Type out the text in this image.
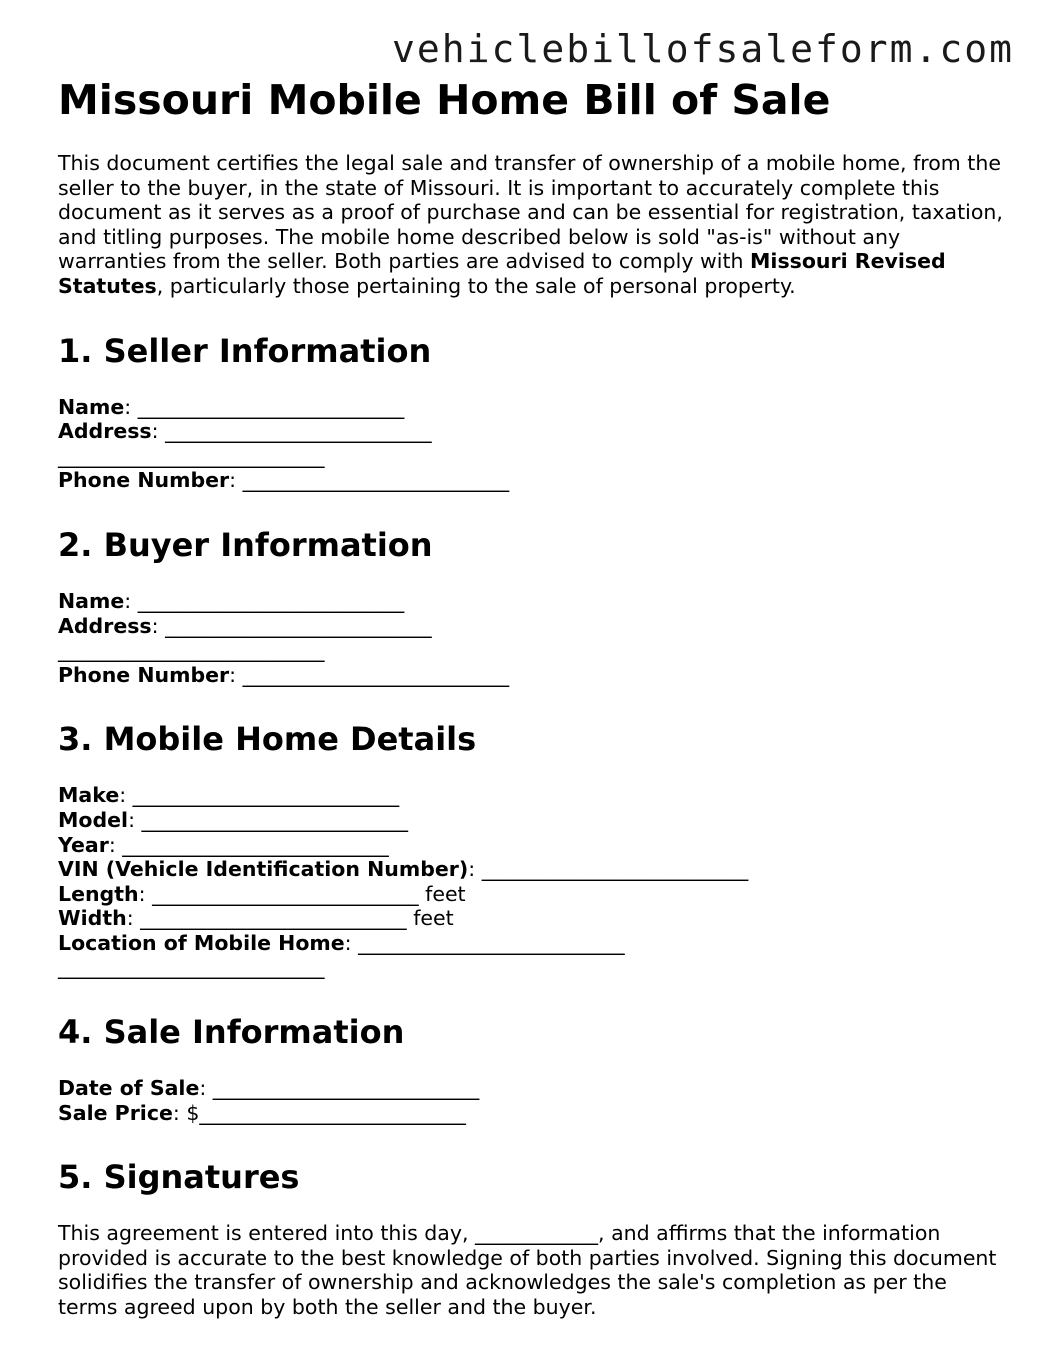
vehiclebillofsaleform.com
Missouri Mobile Home Bill of Sale

This document certifies the legal sale and transfer of ownership of a mobile home, from the seller to the buyer, in the state of Missouri. It is important to accurately complete this document as it serves as a proof of purchase and can be essential for registration, taxation, and titling purposes. The mobile home described below is sold "as-is" without any warranties from the seller. Both parties are advised to comply with Missouri Revised Statutes, particularly those pertaining to the sale of personal property.

1. Seller Information
Name: __________________________
Address: __________________________
__________________________
Phone Number: __________________________
2. Buyer Information
Name: __________________________
Address: __________________________
__________________________
Phone Number: __________________________
3. Mobile Home Details
Make: __________________________
Model: __________________________
Year: __________________________
VIN (Vehicle Identification Number): __________________________
Length: __________________________ feet
Width: __________________________ feet
Location of Mobile Home: __________________________
__________________________
4. Sale Information
Date of Sale: __________________________
Sale Price: $__________________________
5. Signatures

This agreement is entered into this day, ____________, and affirms that the information provided is accurate to the best knowledge of both parties involved. Signing this document solidifies the transfer of ownership and acknowledges the sale's completion as per the terms agreed upon by both the seller and the buyer.
